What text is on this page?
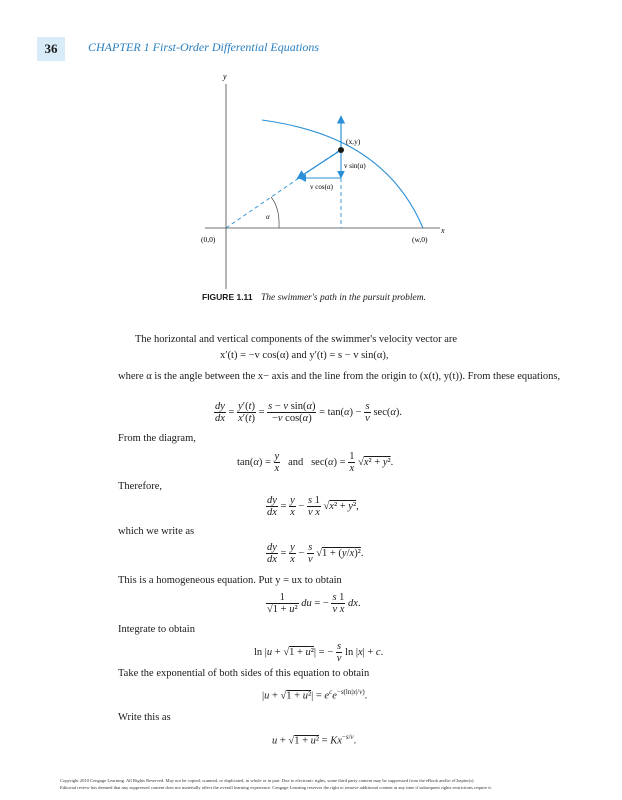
36	CHAPTER 1 First-Order Differential Equations
y
x
(0,0)	(w,0)
(x,y)
v sin(α)
v cos(α)
α
FIGURE 1.11 The swimmer's path in the pursuit problem.
The horizontal and vertical components of the swimmer's velocity vector are
x′(t) = −v cos(α) and y′(t) = s − v sin(α),
where α is the angle between the x− axis and the line from the origin to (x(t), y(t)). From these equations,
$\frac{dy}{dx} = \frac{y'(t)}{x'(t)} = \frac{\text{s − v sin(α)}}{\text{−v cos(α)}} = \tan(\alpha) - \frac{s}{v} \sec(\alpha)$.
From the diagram,
$\tan(\alpha) = \frac{y}{x}$ and   $\sec(\alpha) = \frac{1}{x} √x^2 + y^2$.
Therefore,
$\frac{dy}{dx} = \frac{y}{x} - \frac{s 1}{\text{v x}} √x^2 + y^2$,
which we write as
$\frac{dy}{dx} = \frac{y}{x} - \frac{s}{v} √1 + (y/x)^2$.
This is a homogeneous equation. Put y = ux to obtain
$\frac{1}{\text{√1 + u²}}$ du = − $\frac{s 1}{\text{v x}}$ dx.
Integrate to obtain
ln |u + √1 + u²| = − $\frac{s}{v}$ ln |x| + c.
Take the exponential of both sides of this equation to obtain
$|u + √1 + u^2| = e^ce^{-s(ln|x|/v)}$.
Write this as
$u + √1 + u^2 = Kx^{-s/v}$.
Copyright 2010 Cengage Learning. All Rights Reserved. May not be copied, scanned, or duplicated, in whole or in part. Due to electronic rights, some third party content may be suppressed from the eBook and/or eChapter(s).
Editorial review has deemed that any suppressed content does not materially affect the overall learning experience. Cengage Learning reserves the right to remove additional content at any time if subsequent rights restrictions require it.
